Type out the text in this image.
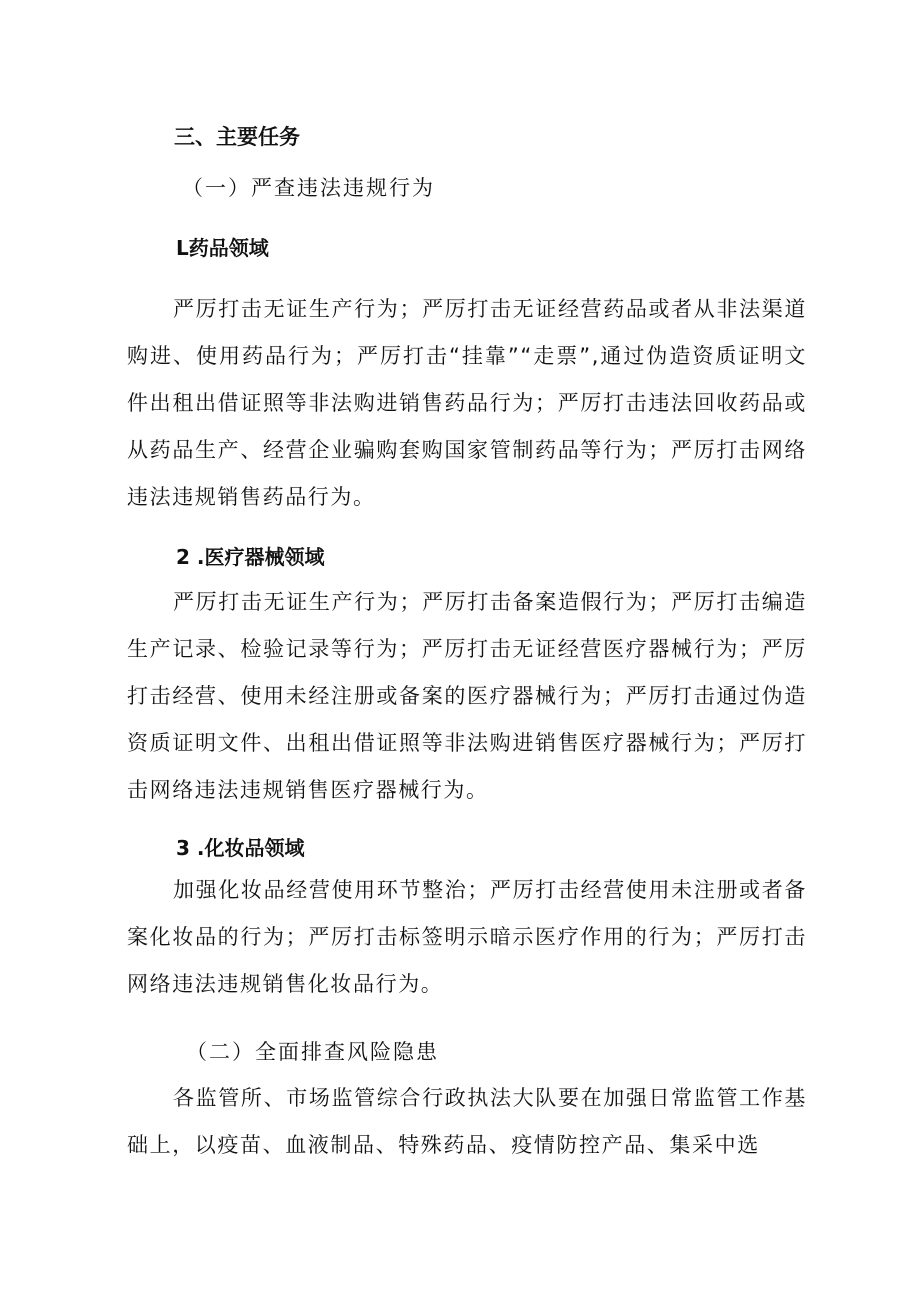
三、主要任务
（一）严查违法违规行为
L药品领域

严厉打击无证生产行为；严厉打击无证经营药品或者从非法渠道购进、使用药品行为；严厉打击“挂靠”“走票”,通过伪造资质证明文件出租出借证照等非法购进销售药品行为；严厉打击违法回收药品或从药品生产、经营企业骗购套购国家管制药品等行为；严厉打击网络违法违规销售药品行为。

2 .医疗器械领域

严厉打击无证生产行为；严厉打击备案造假行为；严厉打击编造生产记录、检验记录等行为；严厉打击无证经营医疗器械行为；严厉打击经营、使用未经注册或备案的医疗器械行为；严厉打击通过伪造资质证明文件、出租出借证照等非法购进销售医疗器械行为；严厉打击网络违法违规销售医疗器械行为。

3 .化妆品领域

加强化妆品经营使用环节整治；严厉打击经营使用未注册或者备案化妆品的行为；严厉打击标签明示暗示医疗作用的行为；严厉打击网络违法违规销售化妆品行为。

（二）全面排查风险隐患

各监管所、市场监管综合行政执法大队要在加强日常监管工作基础上，以疫苗、血液制品、特殊药品、疫情防控产品、集采中选
